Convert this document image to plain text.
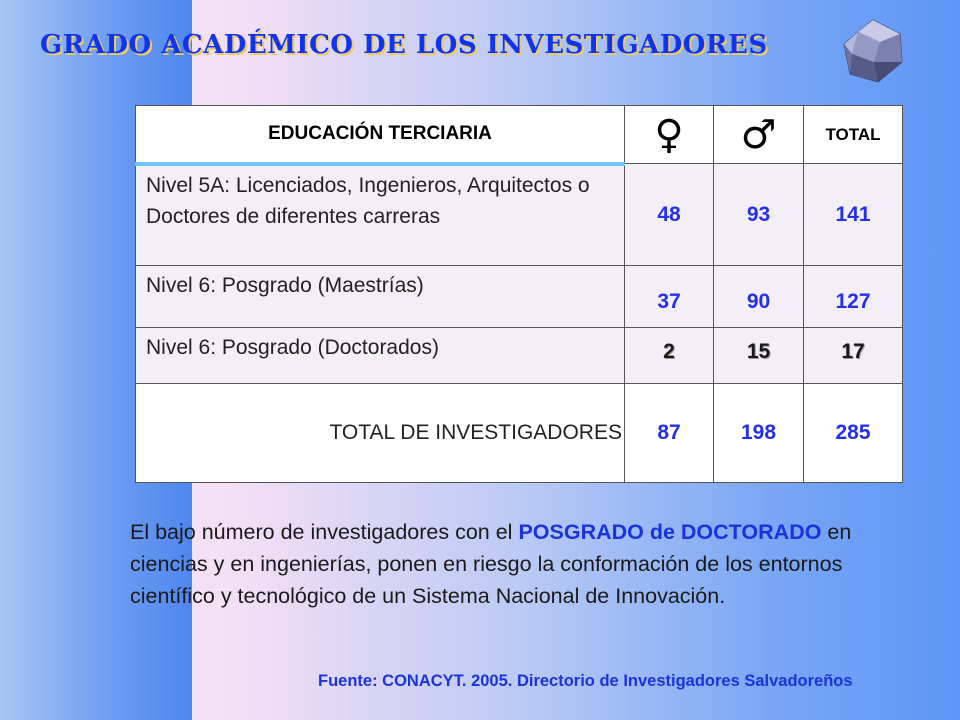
GRADO ACADÉMICO DE LOS INVESTIGADORES
EDUCACIÓN TERCIARIA	♀	♂	TOTAL
Nivel 5A: Licenciados, Ingenieros, Arquitectos o Doctores de diferentes carreras	48	93	141
Nivel 6: Posgrado (Maestrías)	37	90	127
Nivel 6: Posgrado (Doctorados)	2	15	17
TOTAL DE INVESTIGADORES	87	198	285
El bajo número de investigadores con el POSGRADO de DOCTORADO en ciencias y en ingenierías, ponen en riesgo la conformación de los entornos científico y tecnológico de un Sistema Nacional de Innovación.
Fuente: CONACYT. 2005. Directorio de Investigadores Salvadoreños
